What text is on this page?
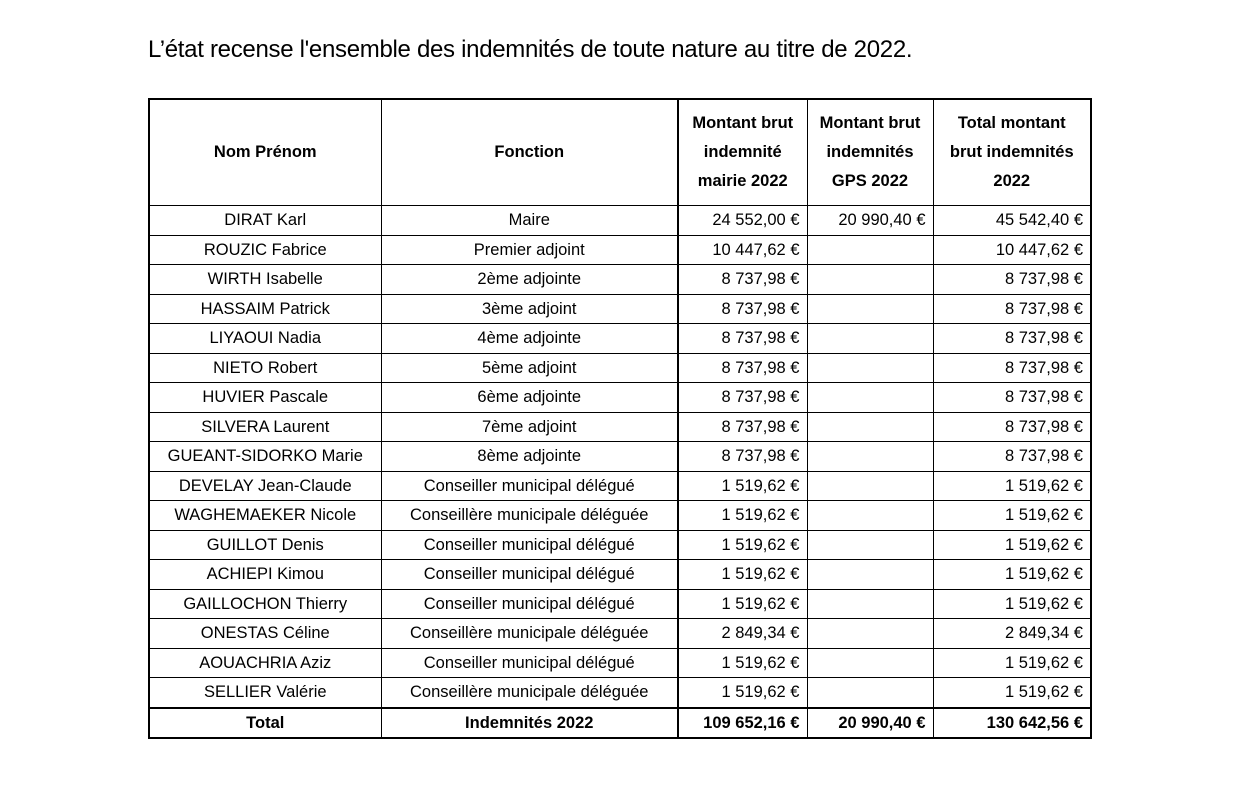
L’état recense l'ensemble des indemnités de toute nature au titre de 2022.
Nom Prénom	Fonction	Montant brut indemnité mairie 2022	Montant brut indemnités GPS 2022	Total montant brut indemnités 2022
DIRAT Karl	Maire	24 552,00 €	20 990,40 €	45 542,40 €
ROUZIC Fabrice	Premier adjoint	10 447,62 €		10 447,62 €
WIRTH Isabelle	2ème adjointe	8 737,98 €		8 737,98 €
HASSAIM Patrick	3ème adjoint	8 737,98 €		8 737,98 €
LIYAOUI Nadia	4ème adjointe	8 737,98 €		8 737,98 €
NIETO Robert	5ème adjoint	8 737,98 €		8 737,98 €
HUVIER Pascale	6ème adjointe	8 737,98 €		8 737,98 €
SILVERA Laurent	7ème adjoint	8 737,98 €		8 737,98 €
GUEANT-SIDORKO Marie	8ème adjointe	8 737,98 €		8 737,98 €
DEVELAY Jean-Claude	Conseiller municipal délégué	1 519,62 €		1 519,62 €
WAGHEMAEKER Nicole	Conseillère municipale déléguée	1 519,62 €		1 519,62 €
GUILLOT Denis	Conseiller municipal délégué	1 519,62 €		1 519,62 €
ACHIEPI Kimou	Conseiller municipal délégué	1 519,62 €		1 519,62 €
GAILLOCHON Thierry	Conseiller municipal délégué	1 519,62 €		1 519,62 €
ONESTAS Céline	Conseillère municipale déléguée	2 849,34 €		2 849,34 €
AOUACHRIA Aziz	Conseiller municipal délégué	1 519,62 €		1 519,62 €
SELLIER Valérie	Conseillère municipale déléguée	1 519,62 €		1 519,62 €
Total	Indemnités 2022	109 652,16 €	20 990,40 €	130 642,56 €
